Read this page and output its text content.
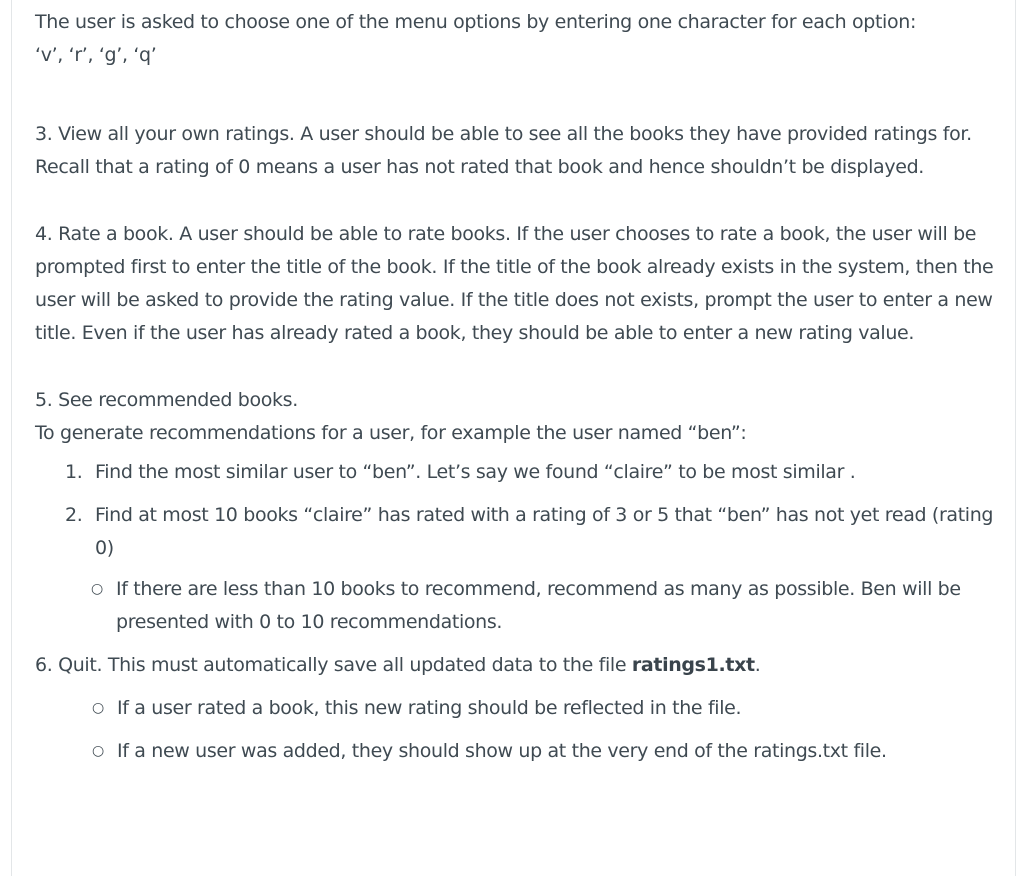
The user is asked to choose one of the menu options by entering one character for each option:
‘v’, ‘r’, ‘g’, ‘q’

3. View all your own ratings. A user should be able to see all the books they have provided ratings for. Recall that a rating of 0 means a user has not rated that book and hence shouldn’t be displayed.

4. Rate a book. A user should be able to rate books. If the user chooses to rate a book, the user will be prompted first to enter the title of the book. If the title of the book already exists in the system, then the user will be asked to provide the rating value. If the title does not exists, prompt the user to enter a new title. Even if the user has already rated a book, they should be able to enter a new rating value.

5. See recommended books.

To generate recommendations for a user, for example the user named “ben”:

1. Find the most similar user to “ben”. Let’s say we found “claire” to be most similar .
2. Find at most 10 books “claire” has rated with a rating of 3 or 5 that “ben” has not yet read (rating 0)
○ If there are less than 10 books to recommend, recommend as many as possible. Ben will be presented with 0 to 10 recommendations.

6. Quit. This must automatically save all updated data to the file ratings1.txt.

○ If a user rated a book, this new rating should be reflected in the file.
○ If a new user was added, they should show up at the very end of the ratings.txt file.
